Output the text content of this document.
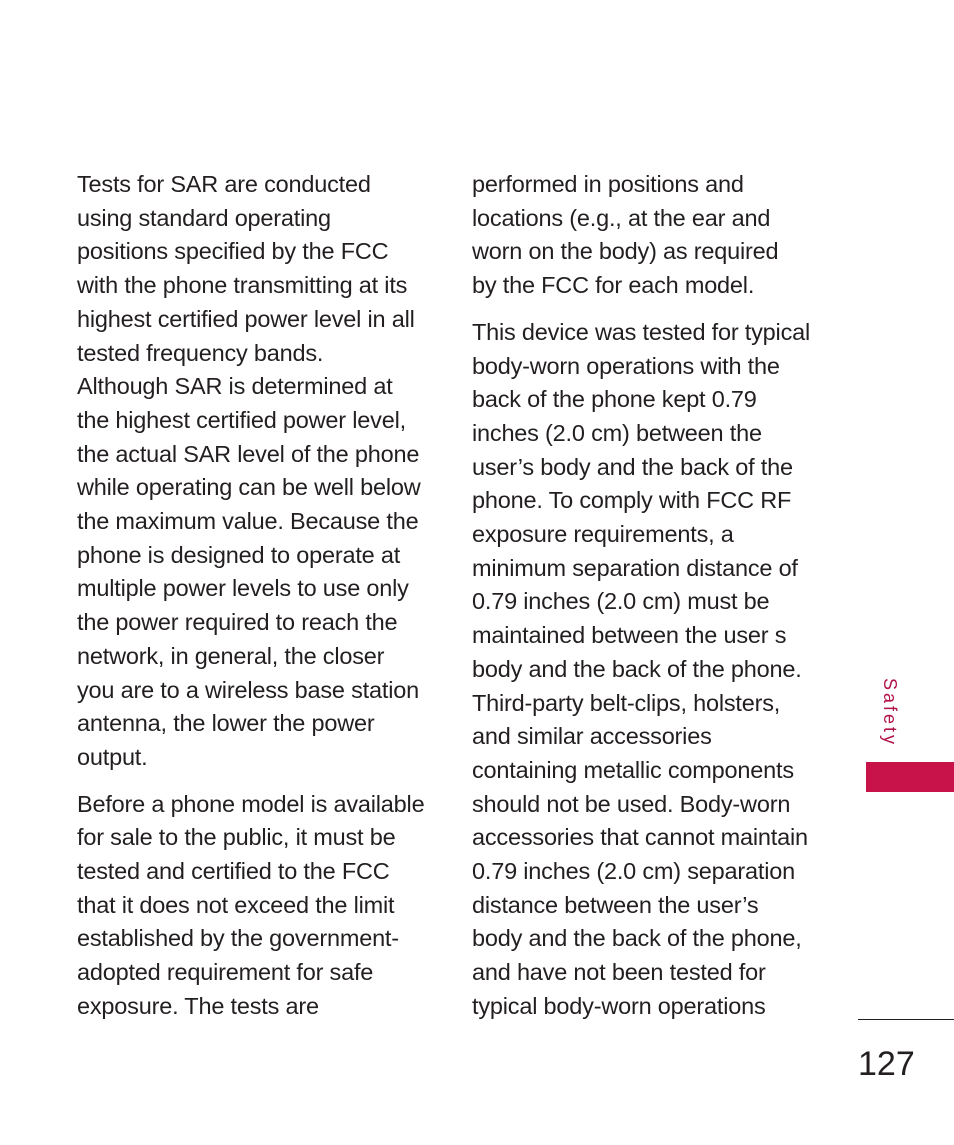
Tests for SAR are conducted
using standard operating
positions specified by the FCC
with the phone transmitting at its
highest certified power level in all
tested frequency bands.
Although SAR is determined at
the highest certified power level,
the actual SAR level of the phone
while operating can be well below
the maximum value. Because the
phone is designed to operate at
multiple power levels to use only
the power required to reach the
network, in general, the closer
you are to a wireless base station
antenna, the lower the power
output.

Before a phone model is available
for sale to the public, it must be
tested and certified to the FCC
that it does not exceed the limit
established by the government-
adopted requirement for safe
exposure. The tests are

performed in positions and
locations (e.g., at the ear and
worn on the body) as required
by the FCC for each model.

This device was tested for typical
body-worn operations with the
back of the phone kept 0.79
inches (2.0 cm) between the
user’s body and the back of the
phone. To comply with FCC RF
exposure requirements, a
minimum separation distance of
0.79 inches (2.0 cm) must be
maintained between the user s
body and the back of the phone.
Third-party belt-clips, holsters,
and similar accessories
containing metallic components
should not be used. Body-worn
accessories that cannot maintain
0.79 inches (2.0 cm) separation
distance between the user’s
body and the back of the phone,
and have not been tested for
typical body-worn operations

Safety
127
